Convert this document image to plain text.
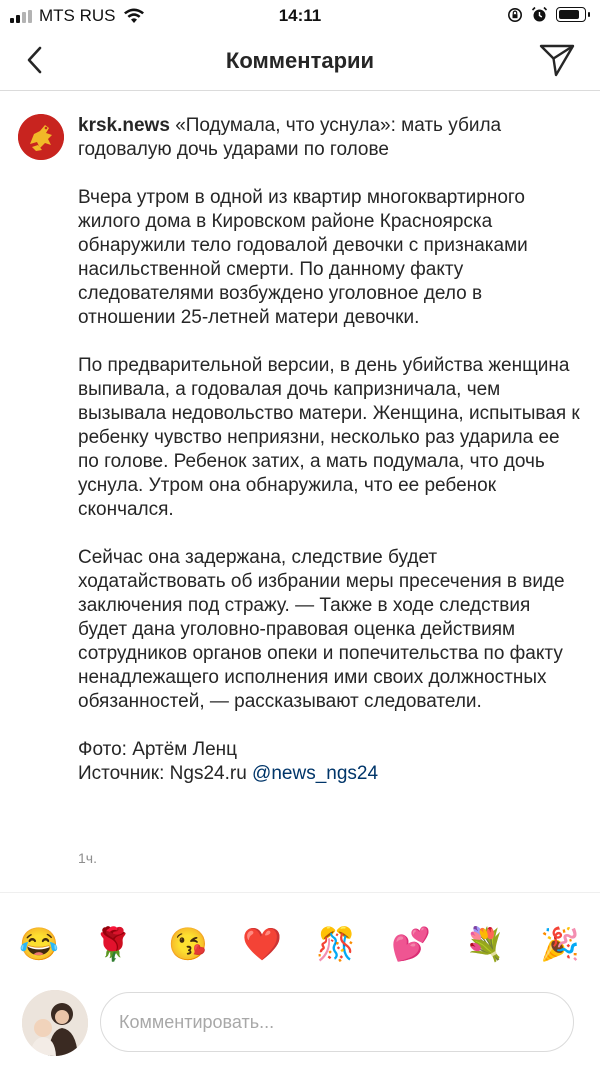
MTS RUS	14:11
Комментарии

krsk.news «Подумала, что уснула»: мать убила годовалую дочь ударами по голове

Вчера утром в одной из квартир многоквартирного жилого дома в Кировском районе Красноярска обнаружили тело годовалой девочки с признаками насильственной смерти. По данному факту следователями возбуждено уголовное дело в отношении 25-летней матери девочки.

По предварительной версии, в день убийства женщина выпивала, а годовалая дочь капризничала, чем вызывала недовольство матери. Женщина, испытывая к ребенку чувство неприязни, несколько раз ударила ее по голове. Ребенок затих, а мать подумала, что дочь уснула. Утром она обнаружила, что ее ребенок скончался.

Сейчас она задержана, следствие будет ходатайствовать об избрании меры пресечения в виде заключения под стражу. — Также в ходе следствия будет дана уголовно-правовая оценка действиям сотрудников органов опеки и попечительства по факту ненадлежащего исполнения ими своих должностных обязанностей, — рассказывают следователи.

Фото: Артём Ленц

Источник: Ngs24.ru @news_ngs24

1ч.
😂 🌹 😘 ❤️ 🎊 💕 💐 🎉
Комментировать...
